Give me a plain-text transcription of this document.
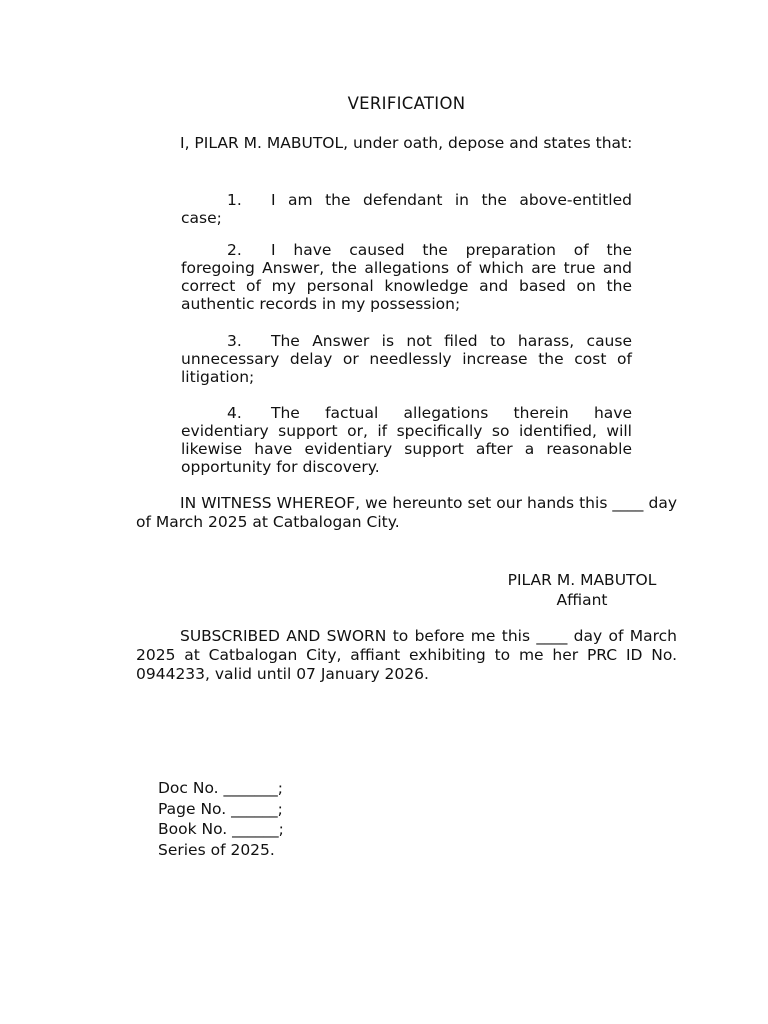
VERIFICATION

I, PILAR M. MABUTOL, under oath, depose and states that:

1. I am the defendant in the above-entitled case;

2. I have caused the preparation of the foregoing Answer, the allegations of which are true and correct of my personal knowledge and based on the authentic records in my possession;

3. The Answer is not filed to harass, cause unnecessary delay or needlessly increase the cost of litigation;

4. The factual allegations therein have evidentiary support or, if specifically so identified, will likewise have evidentiary support after a reasonable opportunity for discovery.

IN WITNESS WHEREOF, we hereunto set our hands this ____ day of March 2025 at Catbalogan City.

PILAR M. MABUTOL
Affiant

SUBSCRIBED AND SWORN to before me this ____ day of March 2025 at Catbalogan City, affiant exhibiting to me her PRC ID No. 0944233, valid until 07 January 2026.

Doc No. _______;
Page No. ______;
Book No. ______;
Series of 2025.
